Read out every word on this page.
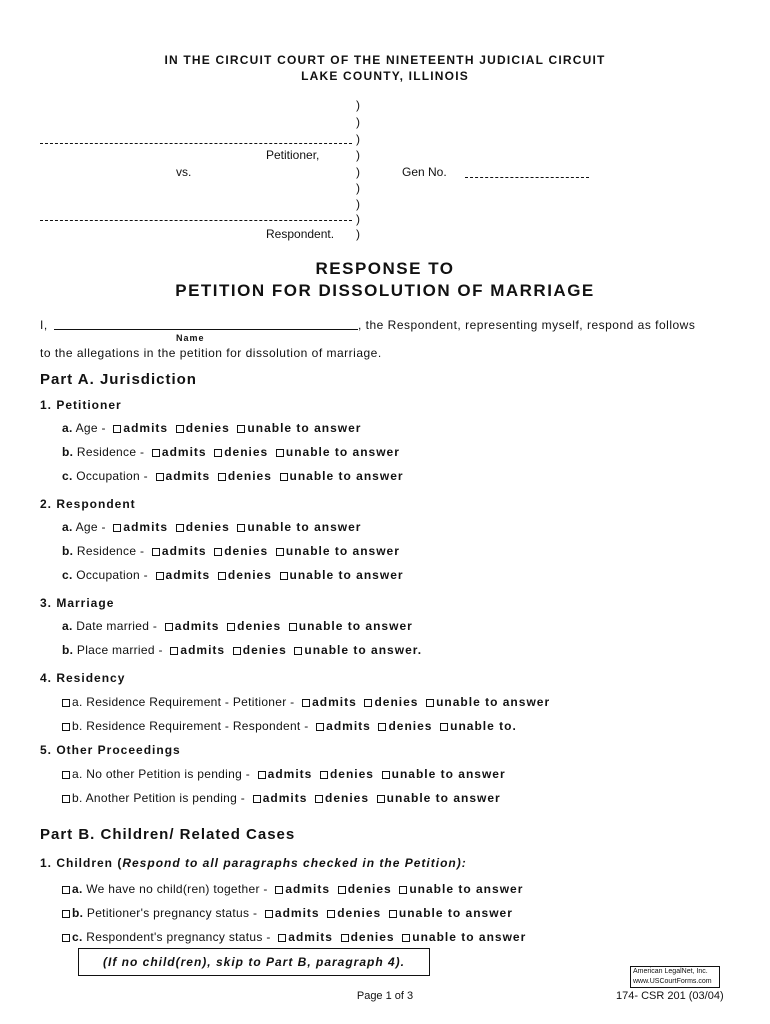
IN THE CIRCUIT COURT OF THE NINETEENTH JUDICIAL CIRCUIT
LAKE COUNTY, ILLINOIS
)
)
)
)
)
)
)
)
)
Petitioner,
vs.	Gen No.
Respondent.
RESPONSE TO
PETITION FOR DISSOLUTION OF MARRIAGE
I,	, the Respondent, representing myself, respond as follows
Name
to the allegations in the petition for dissolution of marriage.
Part A. Jurisdiction
1. Petitioner
a. Age - admits denies unable to answer
b. Residence - admits denies unable to answer
c. Occupation - admits denies unable to answer
2. Respondent
a. Age - admits denies unable to answer
b. Residence - admits denies unable to answer
c. Occupation - admits denies unable to answer
3. Marriage
a. Date married - admits denies unable to answer
b. Place married - admits denies unable to answer.
4. Residency
a. Residence Requirement - Petitioner - admits denies unable to answer
b. Residence Requirement - Respondent - admits denies unable to.
5. Other Proceedings
a. No other Petition is pending - admits denies unable to answer
b. Another Petition is pending - admits denies unable to answer
Part B. Children/ Related Cases
1. Children (Respond to all paragraphs checked in the Petition):
a. We have no child(ren) together - admits denies unable to answer
b. Petitioner's pregnancy status - admits denies unable to answer
c. Respondent's pregnancy status - admits denies unable to answer
(If no child(ren), skip to Part B, paragraph 4).
American LegalNet, Inc.
www.USCourtForms.com
Page 1 of 3	174- CSR 201 (03/04)
